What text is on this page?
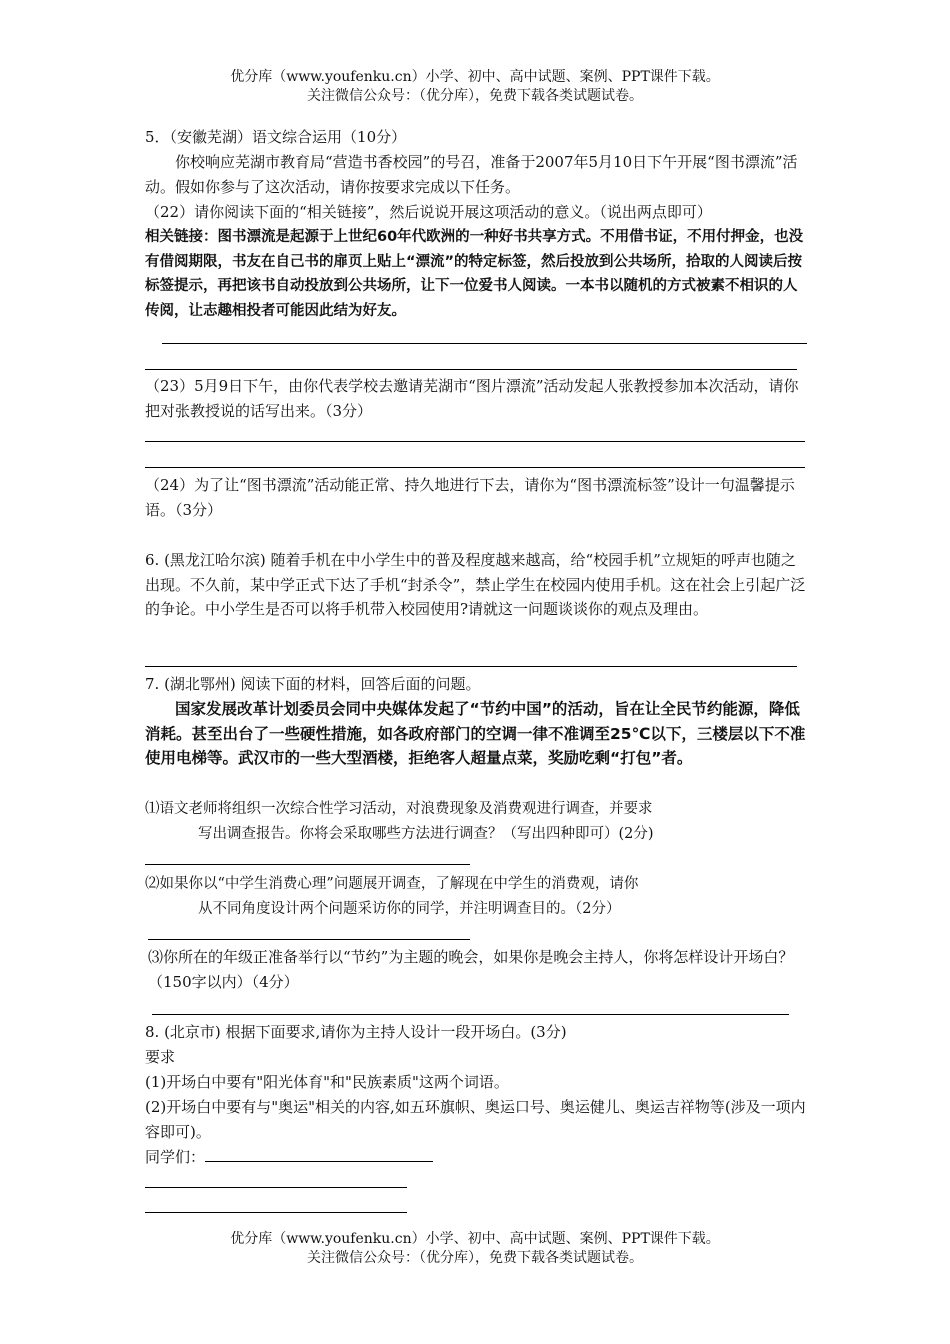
优分库（www.youfenku.cn）小学、初中、高中试题、案例、PPT课件下载。
关注微信公众号：（优分库），免费下载各类试题试卷。
5．（安徽芜湖）语文综合运用（10分）
你校响应芜湖市教育局“营造书香校园”的号召，准备于2007年5月10日下午开展“图书漂流”活动。假如你参与了这次活动，请你按要求完成以下任务。
（22）请你阅读下面的“相关链接”，然后说说开展这项活动的意义。（说出两点即可）
相关链接：图书漂流是起源于上世纪60年代欧洲的一种好书共享方式。不用借书证，不用付押金，也没有借阅期限，书友在自己书的扉页上贴上“漂流”的特定标签，然后投放到公共场所，拾取的人阅读后按标签提示，再把该书自动投放到公共场所，让下一位爱书人阅读。一本书以随机的方式被素不相识的人传阅，让志趣相投者可能因此结为好友。
（23）5月9日下午，由你代表学校去邀请芜湖市“图片漂流”活动发起人张教授参加本次活动，请你把对张教授说的话写出来。（3分）
（24）为了让“图书漂流”活动能正常、持久地进行下去，请你为“图书漂流标签”设计一句温馨提示语。（3分）
6. (黑龙江哈尔滨) 随着手机在中小学生中的普及程度越来越高，给“校园手机”立规矩的呼声也随之出现。不久前，某中学正式下达了手机“封杀令”，禁止学生在校园内使用手机。这在社会上引起广泛的争论。中小学生是否可以将手机带入校园使用?请就这一问题谈谈你的观点及理由。
7. (湖北鄂州) 阅读下面的材料，回答后面的问题。
国家发展改革计划委员会同中央媒体发起了“节约中国”的活动，旨在让全民节约能源，降低消耗。甚至出台了一些硬性措施，如各政府部门的空调一律不准调至25℃以下，三楼层以下不准使用电梯等。武汉市的一些大型酒楼，拒绝客人超量点菜，奖励吃剩“打包”者。
⑴语文老师将组织一次综合性学习活动，对浪费现象及消费观进行调查，并要求
写出调查报告。你将会采取哪些方法进行调查？（写出四种即可）(2分)
⑵如果你以“中学生消费心理”问题展开调查，了解现在中学生的消费观，请你
从不同角度设计两个问题采访你的同学，并注明调查目的。（2分）
⑶你所在的年级正准备举行以“节约”为主题的晚会，如果你是晚会主持人，你将怎样设计开场白？（150字以内）（4分）
8. (北京市) 根据下面要求,请你为主持人设计一段开场白。(3分)
要求
(1)开场白中要有"阳光体育"和"民族素质"这两个词语。
(2)开场白中要有与"奥运"相关的内容,如五环旗帜、奥运口号、奥运健儿、奥运吉祥物等(涉及一项内容即可)。
同学们：
优分库（www.youfenku.cn）小学、初中、高中试题、案例、PPT课件下载。
关注微信公众号：（优分库），免费下载各类试题试卷。
